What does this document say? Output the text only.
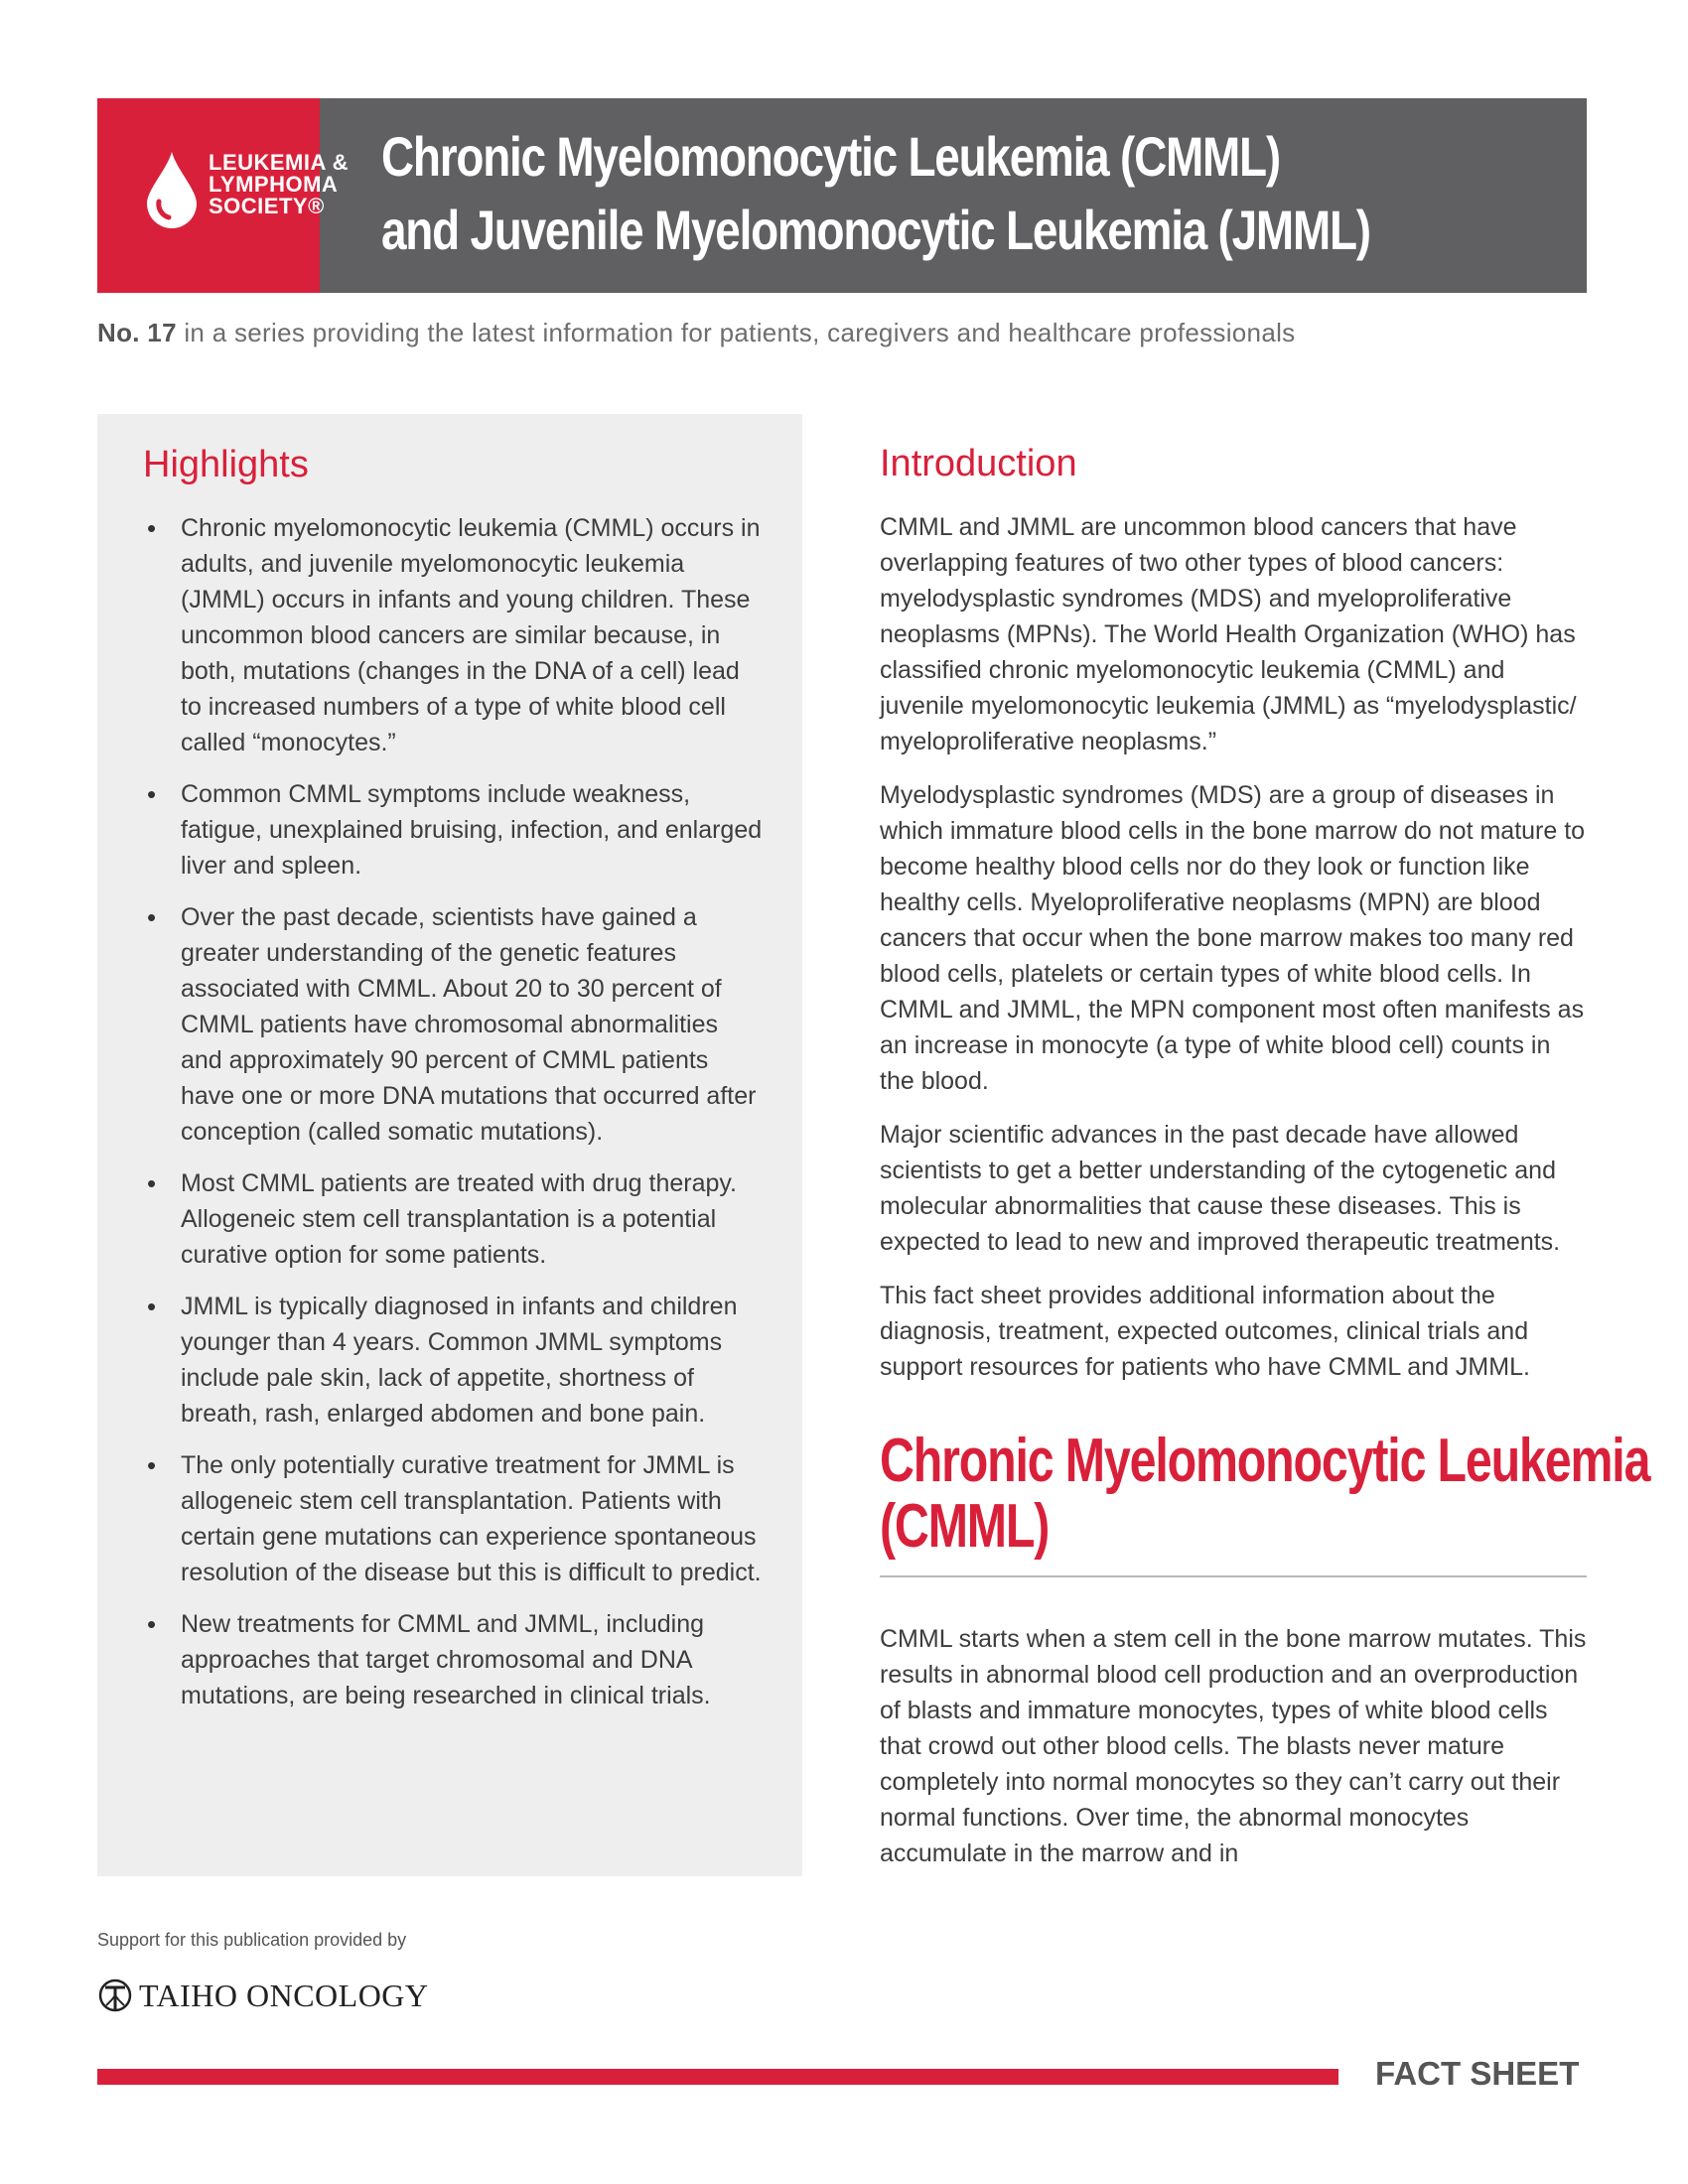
LEUKEMIA &
LYMPHOMA
SOCIETY®
Chronic Myelomonocytic Leukemia (CMML)
and Juvenile Myelomonocytic Leukemia (JMML)
No. 17 in a series providing the latest information for patients, caregivers and healthcare professionals
Highlights
• Chronic myelomonocytic leukemia (CMML) occurs in adults, and juvenile myelomonocytic leukemia (JMML) occurs in infants and young children. These uncommon blood cancers are similar because, in both, mutations (changes in the DNA of a cell) lead to increased numbers of a type of white blood cell called “monocytes.”
• Common CMML symptoms include weakness, fatigue, unexplained bruising, infection, and enlarged liver and spleen.
• Over the past decade, scientists have gained a greater understanding of the genetic features associated with CMML. About 20 to 30 percent of CMML patients have chromosomal abnormalities and approximately 90 percent of CMML patients have one or more DNA mutations that occurred after conception (called somatic mutations).
• Most CMML patients are treated with drug therapy. Allogeneic stem cell transplantation is a potential curative option for some patients.
• JMML is typically diagnosed in infants and children younger than 4 years. Common JMML symptoms include pale skin, lack of appetite, shortness of breath, rash, enlarged abdomen and bone pain.
• The only potentially curative treatment for JMML is allogeneic stem cell transplantation. Patients with certain gene mutations can experience spontaneous resolution of the disease but this is difficult to predict.
• New treatments for CMML and JMML, including approaches that target chromosomal and DNA mutations, are being researched in clinical trials.
Introduction

CMML and JMML are uncommon blood cancers that have overlapping features of two other types of blood cancers: myelodysplastic syndromes (MDS) and myeloproliferative neoplasms (MPNs). The World Health Organization (WHO) has classified chronic myelomonocytic leukemia (CMML) and juvenile myelomonocytic leukemia (JMML) as “myelodysplastic/ myeloproliferative neoplasms.”

Myelodysplastic syndromes (MDS) are a group of diseases in which immature blood cells in the bone marrow do not mature to become healthy blood cells nor do they look or function like healthy cells. Myeloproliferative neoplasms (MPN) are blood cancers that occur when the bone marrow makes too many red blood cells, platelets or certain types of white blood cells. In CMML and JMML, the MPN component most often manifests as an increase in monocyte (a type of white blood cell) counts in the blood.

Major scientific advances in the past decade have allowed scientists to get a better understanding of the cytogenetic and molecular abnormalities that cause these diseases. This is expected to lead to new and improved therapeutic treatments.

This fact sheet provides additional information about the diagnosis, treatment, expected outcomes, clinical trials and support resources for patients who have CMML and JMML.

Chronic Myelomonocytic Leukemia
(CMML)

CMML starts when a stem cell in the bone marrow mutates. This results in abnormal blood cell production and an overproduction of blasts and immature monocytes, types of white blood cells that crowd out other blood cells. The blasts never mature completely into normal monocytes so they can’t carry out their normal functions. Over time, the abnormal monocytes accumulate in the marrow and in

Support for this publication provided by
TAIHO ONCOLOGY
FACT SHEET
